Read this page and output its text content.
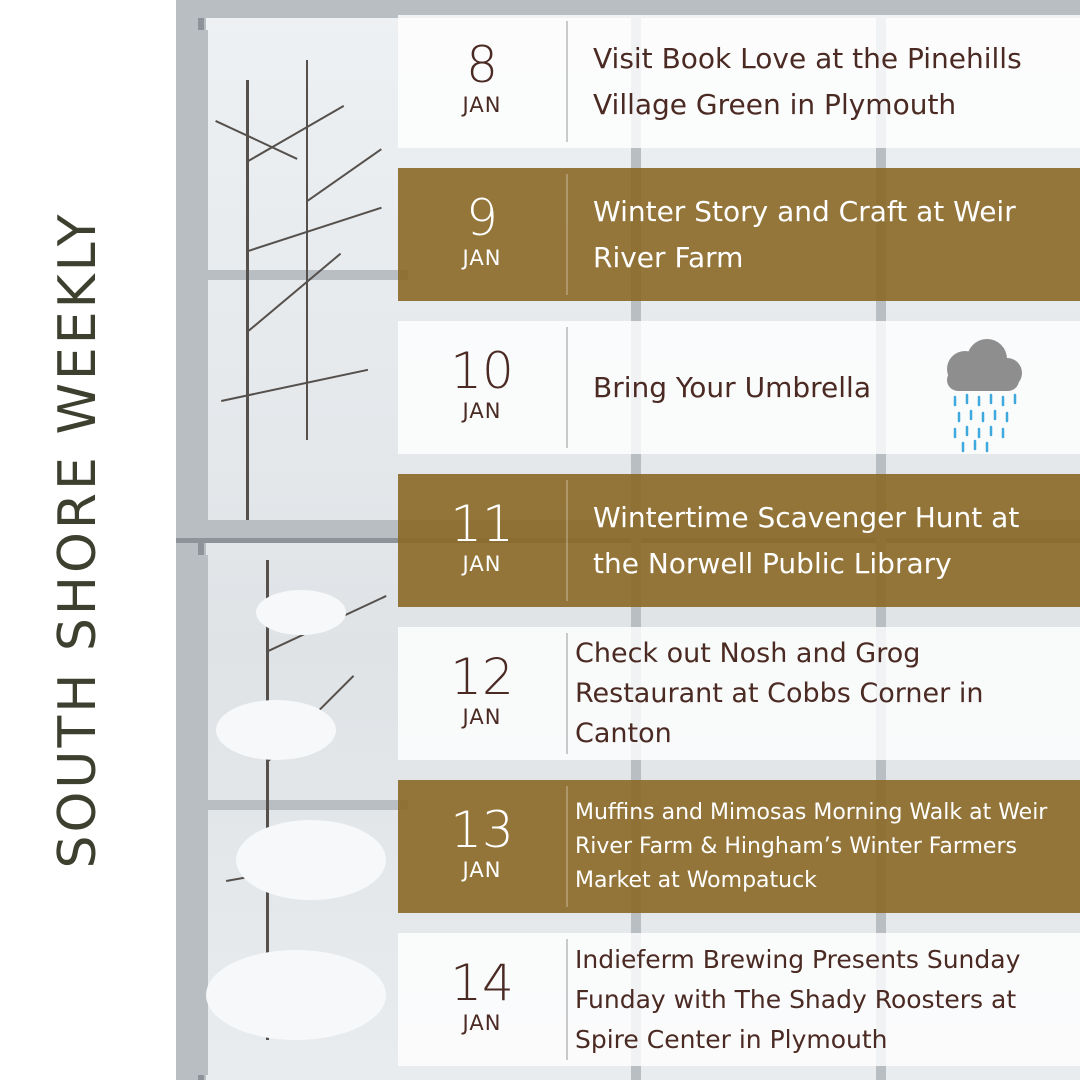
SOUTH SHORE WEEKLY
8
JAN
Visit Book Love at the Pinehills Village Green in Plymouth
9
JAN
Winter Story and Craft at Weir River Farm
10
JAN
Bring Your Umbrella
11
JAN
Wintertime Scavenger Hunt at the Norwell Public Library
12
JAN
Check out Nosh and Grog Restaurant at Cobbs Corner in Canton
13
JAN
Muffins and Mimosas Morning Walk at Weir River Farm & Hingham’s Winter Farmers Market at Wompatuck
14
JAN
Indieferm Brewing Presents Sunday Funday with The Shady Roosters at Spire Center in Plymouth
